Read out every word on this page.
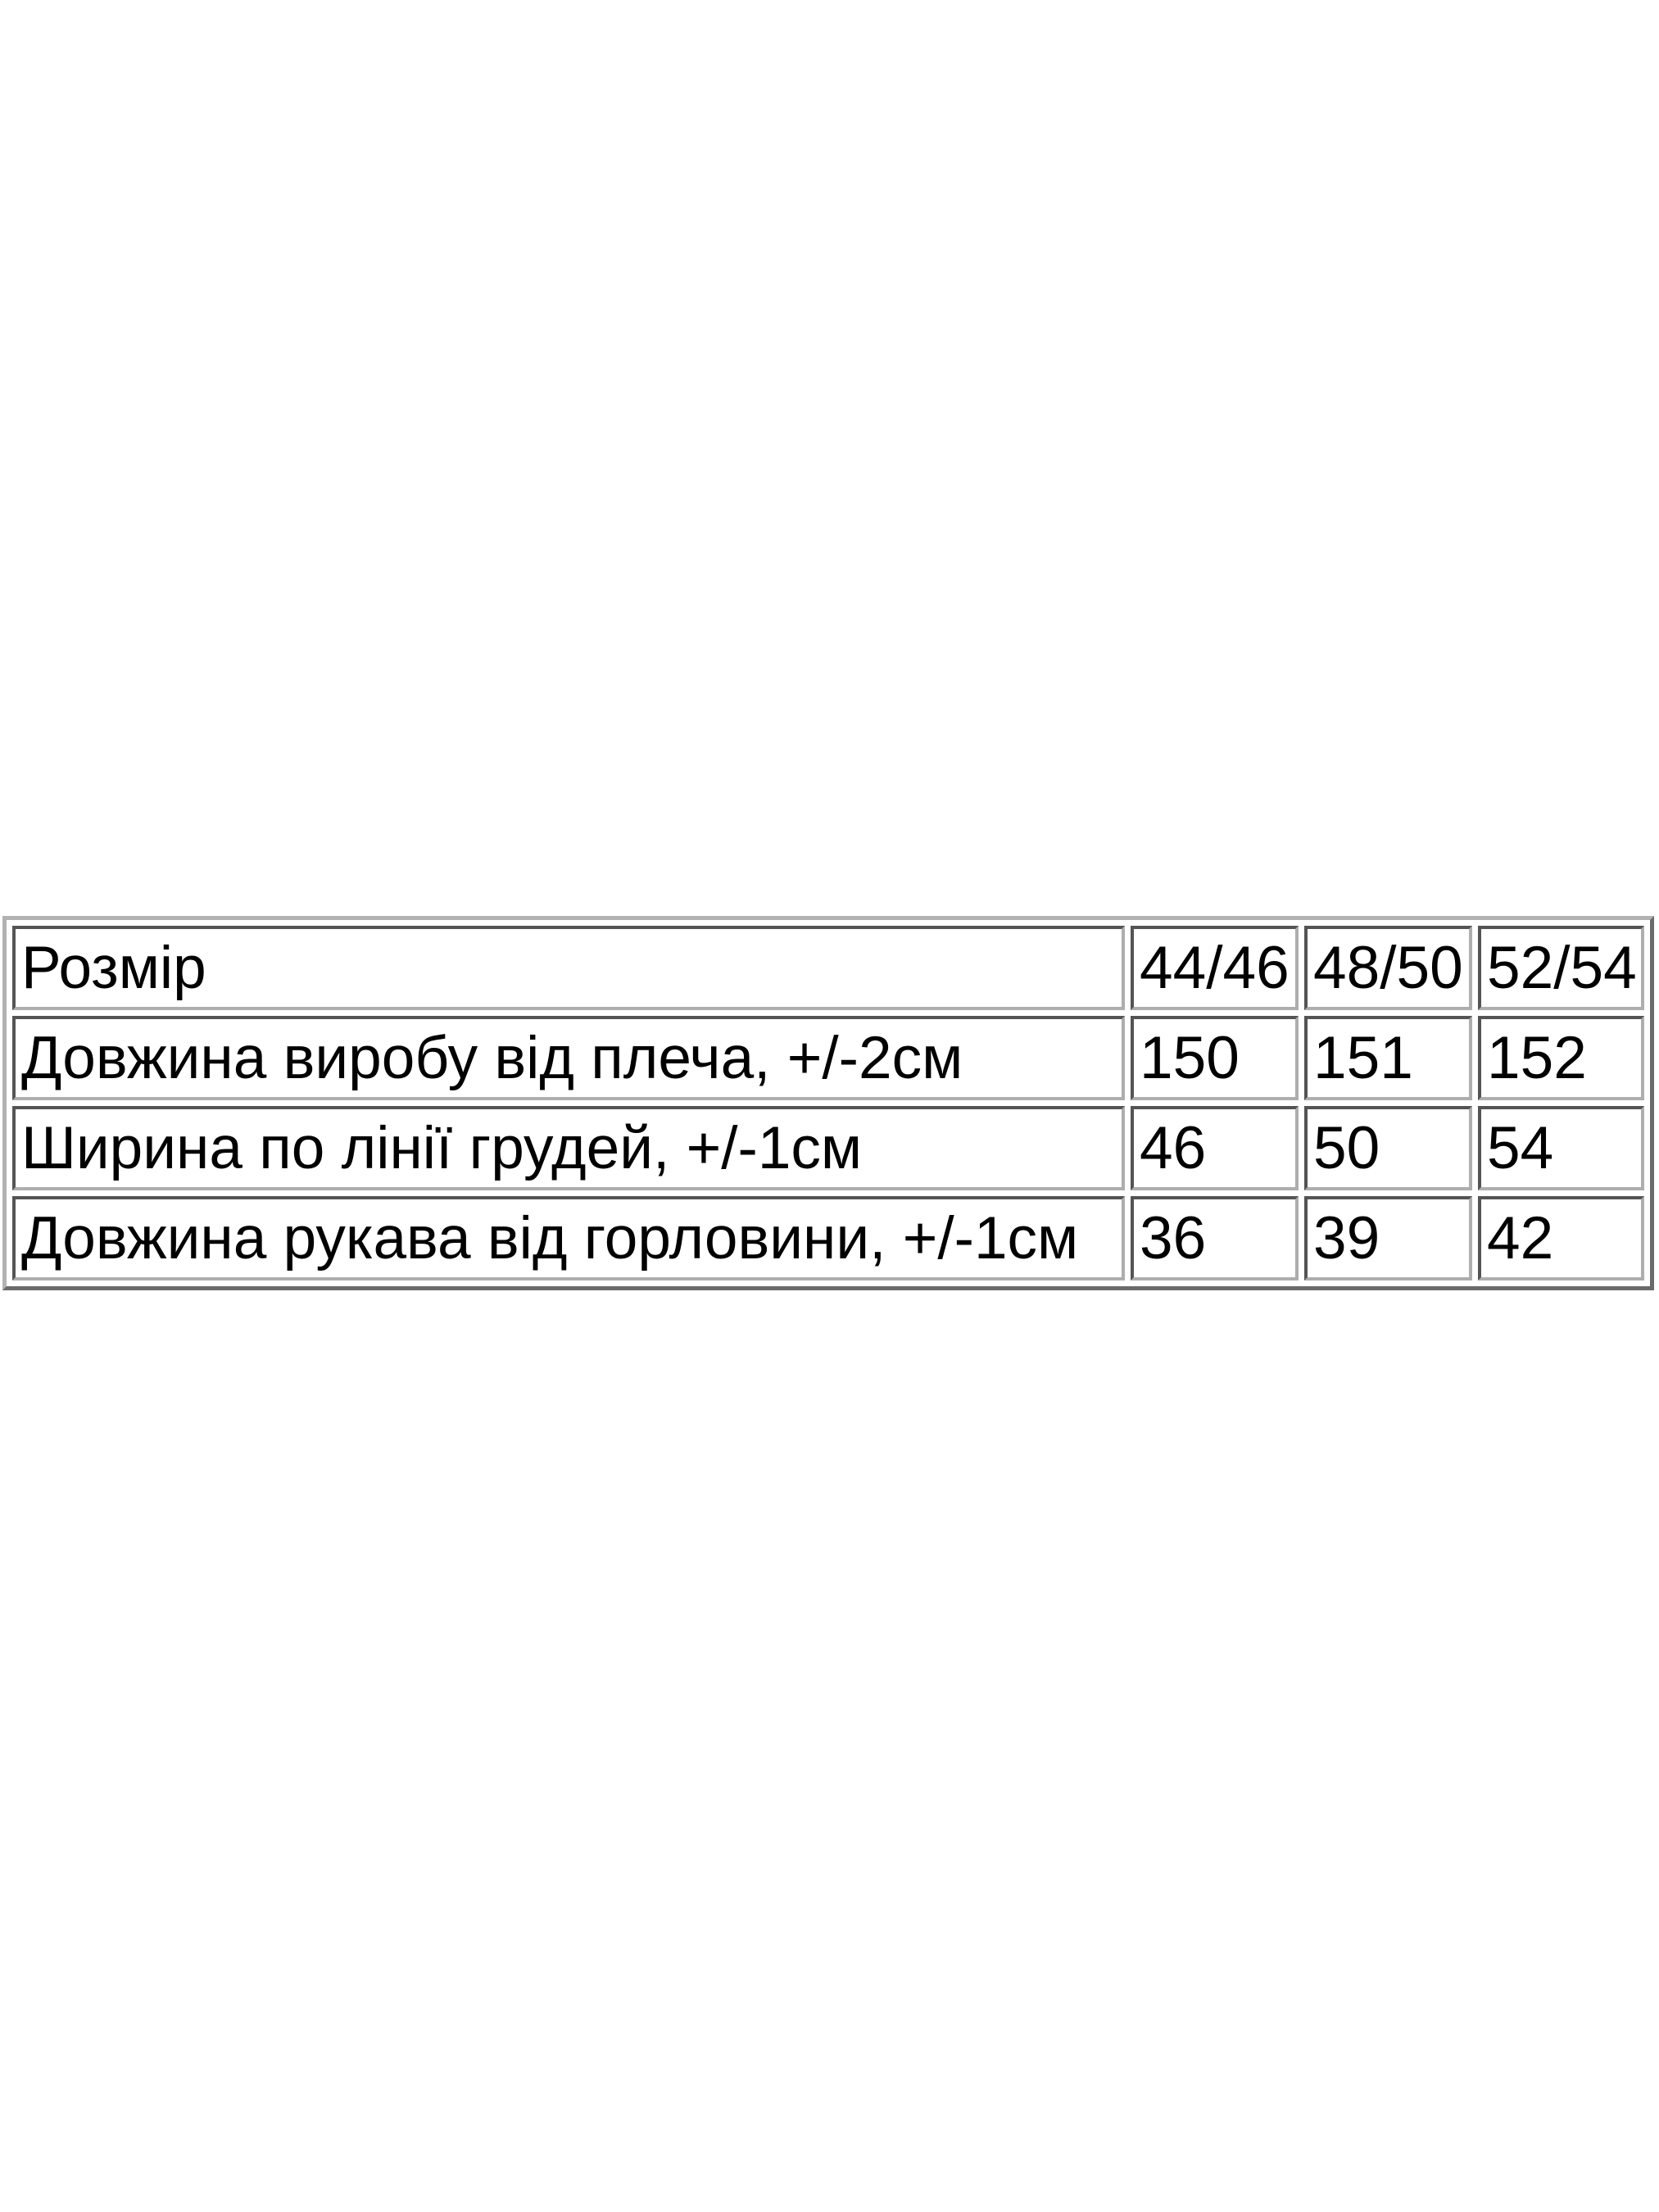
Розмір	44/46	48/50	52/54
Довжина виробу від плеча, +/-2см	150	151	152
Ширина по лінії грудей, +/-1см	46	50	54
Довжина рукава від горловини, +/-1см	36	39	42
